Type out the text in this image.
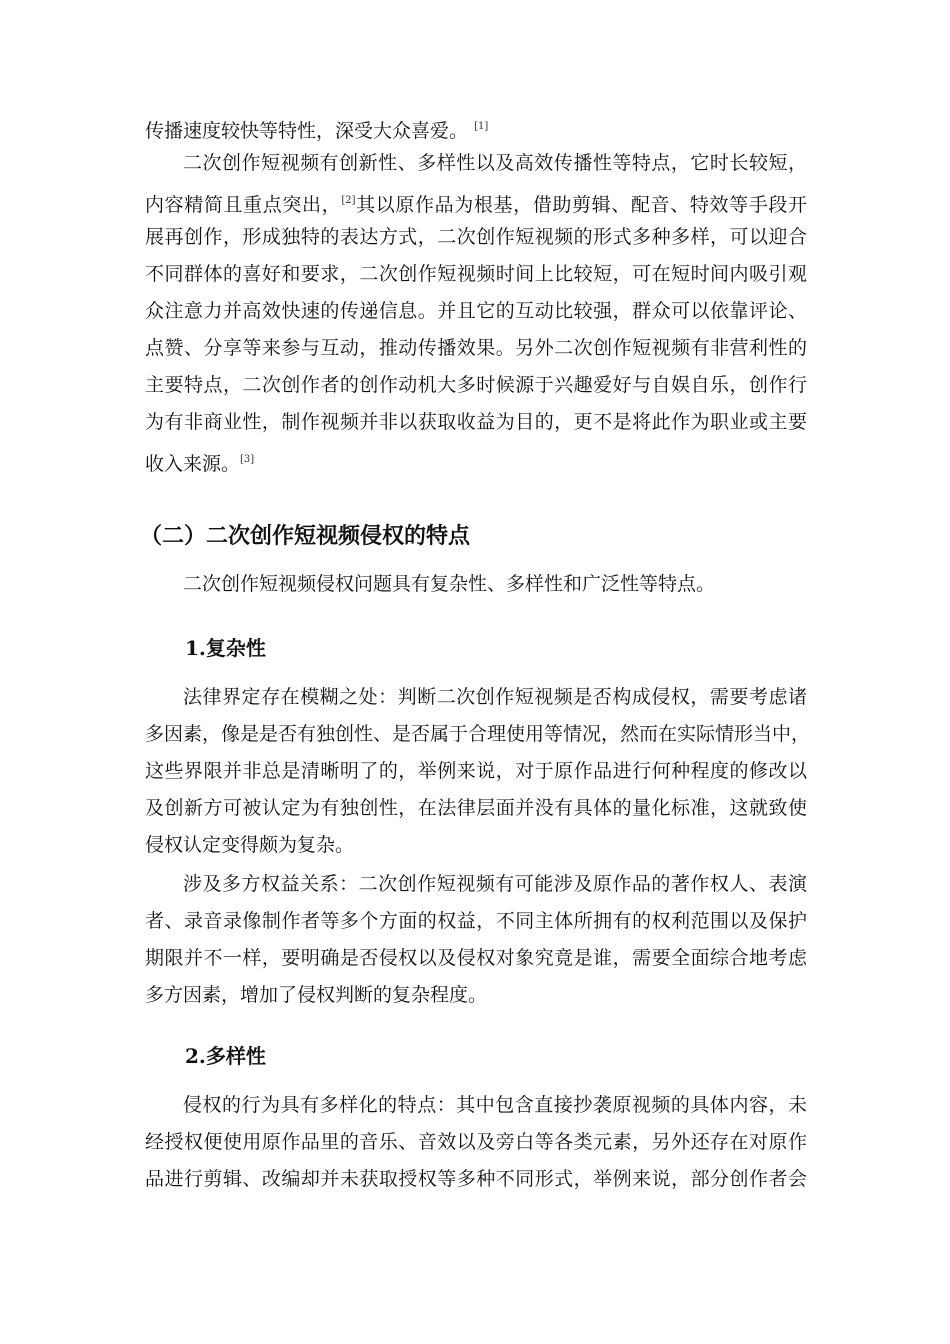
传播速度较快等特性，深受大众喜爱。 [1]
二次创作短视频有创新性、多样性以及高效传播性等特点，它时长较短，
内容精简且重点突出，[2]其以原作品为根基，借助剪辑、配音、特效等手段开
展再创作，形成独特的表达方式，二次创作短视频的形式多种多样，可以迎合
不同群体的喜好和要求，二次创作短视频时间上比较短，可在短时间内吸引观
众注意力并高效快速的传递信息。并且它的互动比较强，群众可以依靠评论、
点赞、分享等来参与互动，推动传播效果。另外二次创作短视频有非营利性的
主要特点，二次创作者的创作动机大多时候源于兴趣爱好与自娱自乐，创作行
为有非商业性，制作视频并非以获取收益为目的，更不是将此作为职业或主要
收入来源。[3]
（二）二次创作短视频侵权的特点
二次创作短视频侵权问题具有复杂性、多样性和广泛性等特点。
1.复杂性
法律界定存在模糊之处：判断二次创作短视频是否构成侵权，需要考虑诸
多因素，像是是否有独创性、是否属于合理使用等情况，然而在实际情形当中，
这些界限并非总是清晰明了的，举例来说，对于原作品进行何种程度的修改以
及创新方可被认定为有独创性，在法律层面并没有具体的量化标准，这就致使
侵权认定变得颇为复杂。
涉及多方权益关系：二次创作短视频有可能涉及原作品的著作权人、表演
者、录音录像制作者等多个方面的权益，不同主体所拥有的权利范围以及保护
期限并不一样，要明确是否侵权以及侵权对象究竟是谁，需要全面综合地考虑
多方因素，增加了侵权判断的复杂程度。
2.多样性
侵权的行为具有多样化的特点：其中包含直接抄袭原视频的具体内容，未
经授权便使用原作品里的音乐、音效以及旁白等各类元素，另外还存在对原作
品进行剪辑、改编却并未获取授权等多种不同形式，举例来说，部分创作者会
